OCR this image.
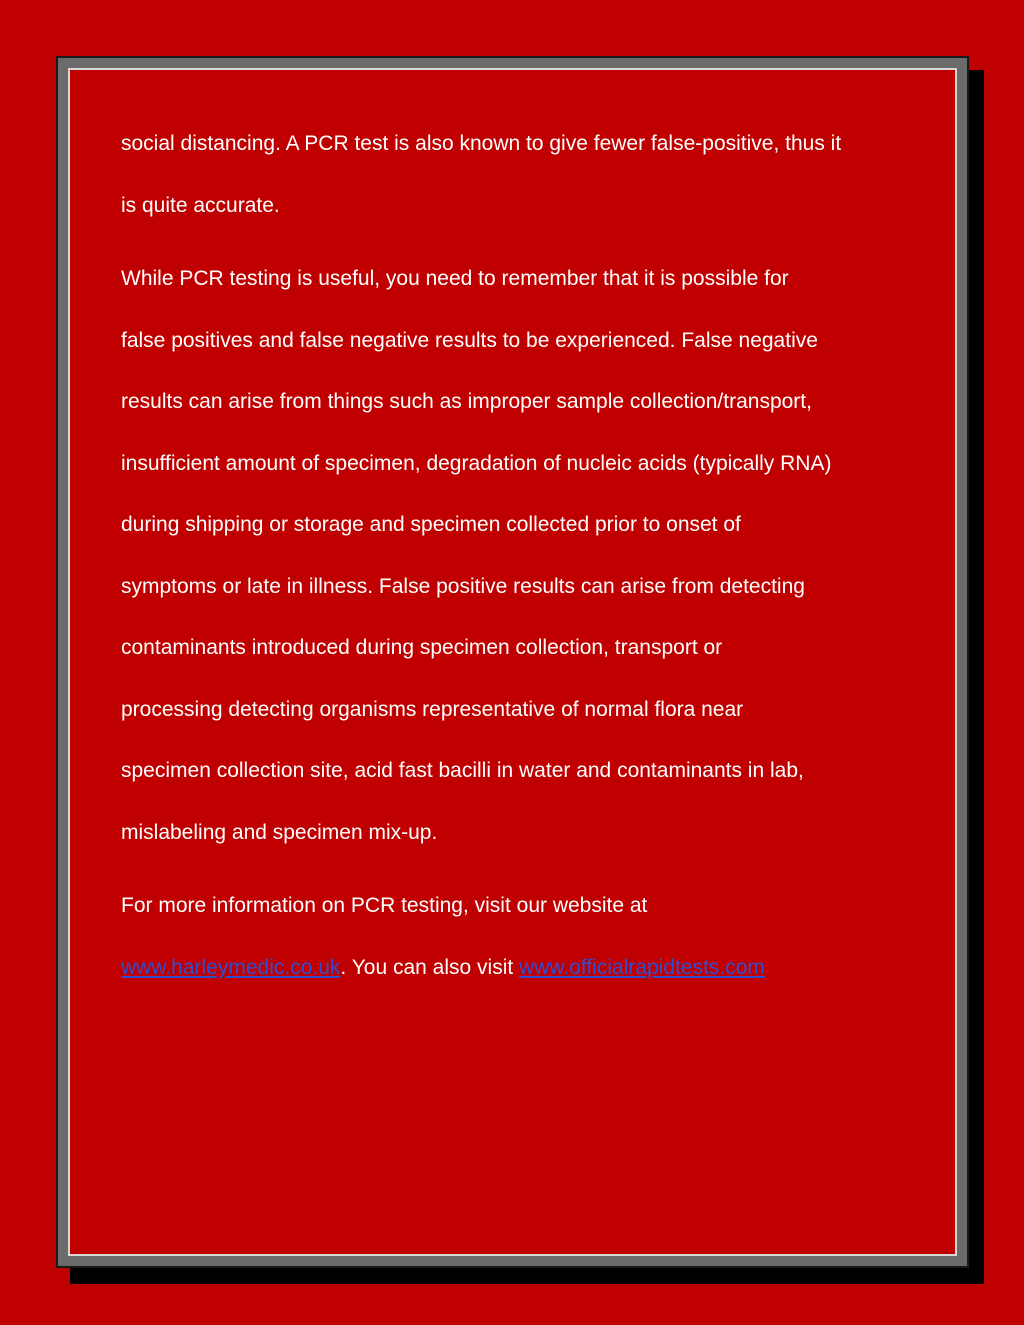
social distancing. A PCR test is also known to give fewer false-positive, thus it
is quite accurate.

While PCR testing is useful, you need to remember that it is possible for
false positives and false negative results to be experienced. False negative
results can arise from things such as improper sample collection/transport,
insufficient amount of specimen, degradation of nucleic acids (typically RNA)
during shipping or storage and specimen collected prior to onset of
symptoms or late in illness. False positive results can arise from detecting
contaminants introduced during specimen collection, transport or
processing detecting organisms representative of normal flora near
specimen collection site, acid fast bacilli in water and contaminants in lab,
mislabeling and specimen mix-up.

For more information on PCR testing, visit our website at
www.harleymedic.co.uk. You can also visit www.officialrapidtests.com
